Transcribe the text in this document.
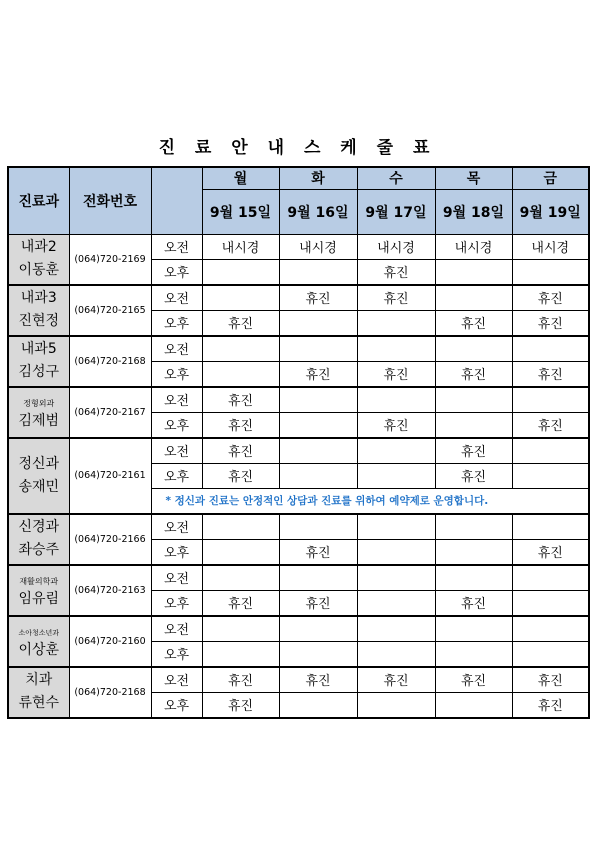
진 료 안 내 스 케 줄 표
진료과	전화번호		월	화	수	목	금
			9월 15일	9월 16일	9월 17일	9월 18일	9월 19일

내과2
이동훈	(064)720-2169	오전	내시경	내시경	내시경	내시경	내시경
		오후			휴진		

내과3
진현정	(064)720-2165	오전		휴진	휴진		휴진
		오후	휴진			휴진	휴진

내과5
김성구	(064)720-2168	오전					
		오후		휴진	휴진	휴진	휴진

정형외과
김제범	(064)720-2167	오전	휴진				
		오후	휴진		휴진		휴진

정신과
송재민	(064)720-2161	오전	휴진			휴진	
		오후	휴진			휴진	
		* 정신과 진료는 안정적인 상담과 진료를 위하여 예약제로 운영합니다.					

신경과
좌승주	(064)720-2166	오전					
		오후		휴진			휴진

재활의학과
임유림	(064)720-2163	오전					
		오후	휴진	휴진		휴진	

소아청소년과
이상훈	(064)720-2160	오전					
		오후					

치과
류현수	(064)720-2168	오전	휴진	휴진	휴진	휴진	휴진
		오후	휴진				휴진
